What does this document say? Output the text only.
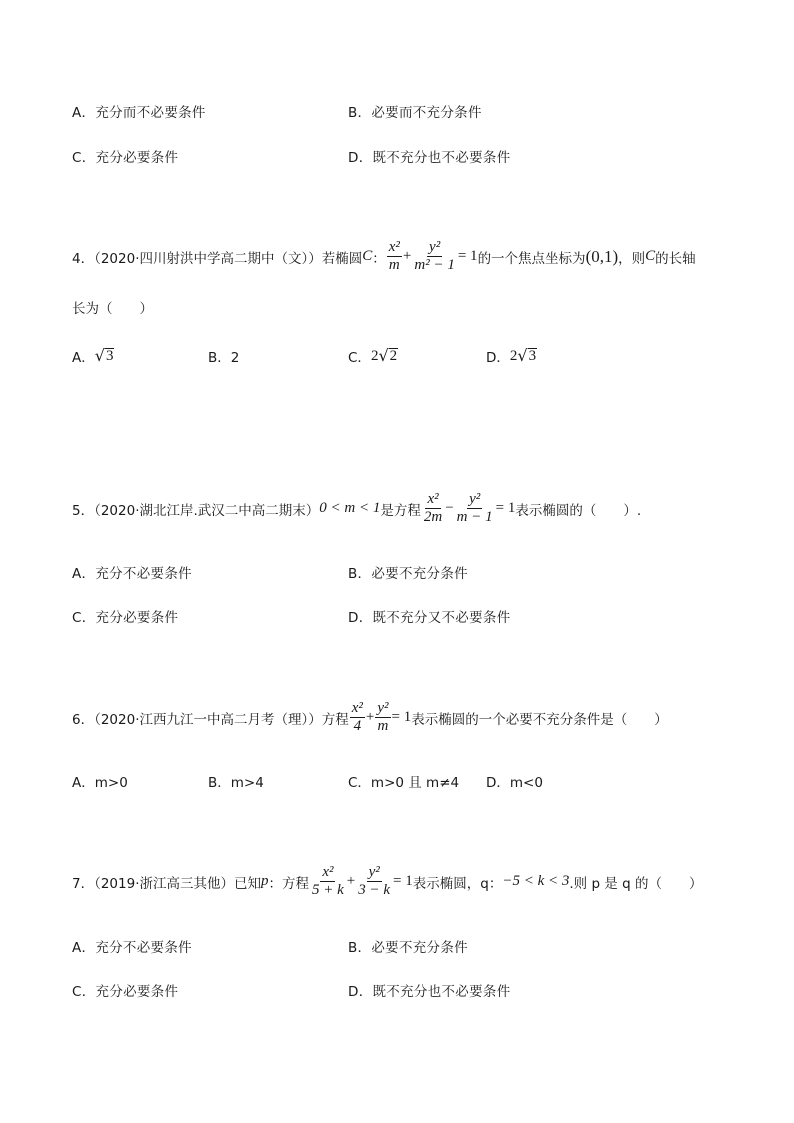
A．充分而不必要条件	B．必要而不充分条件
C．充分必要条件	D．既不充分也不必要条件
4．（2020·四川射洪中学高二期中（文））若椭圆 C ： $\frac{\text{x²}}{m} + \frac{\text{y²}}{\text{m² − 1}} = 1$ 的一个焦点坐标为 (0,1) ，则 C 的长轴
长为（　　）
A． √ 3	B．2	C． 2 √ 2	D． 2 √ 3
5．（2020·湖北江岸.武汉二中高二期末） 0 < m < 1 是方程 $\frac{\text{x²}}{2m} - \frac{\text{y²}}{m - 1} = 1$ 表示椭圆的（　　）.
A．充分不必要条件	B．必要不充分条件
C．充分必要条件	D．既不充分又不必要条件
6．（2020·江西九江一中高二月考（理））方程 $\frac{\text{x²}}{4} + \frac{\text{y²}}{m} = 1$ 表示椭圆的一个必要不充分条件是（　　）
A．m>0	B．m>4	C．m>0 且 m≠4 D．m<0
7．（2019·浙江高三其他）已知 p ：方程 $\frac{\text{x²}}{5 + k} + \frac{\text{y²}}{3 - k} = 1$ 表示椭圆，q： −5 < k < 3 .则 p 是 q 的（　　）
A．充分不必要条件	B．必要不充分条件
C．充分必要条件	D．既不充分也不必要条件
